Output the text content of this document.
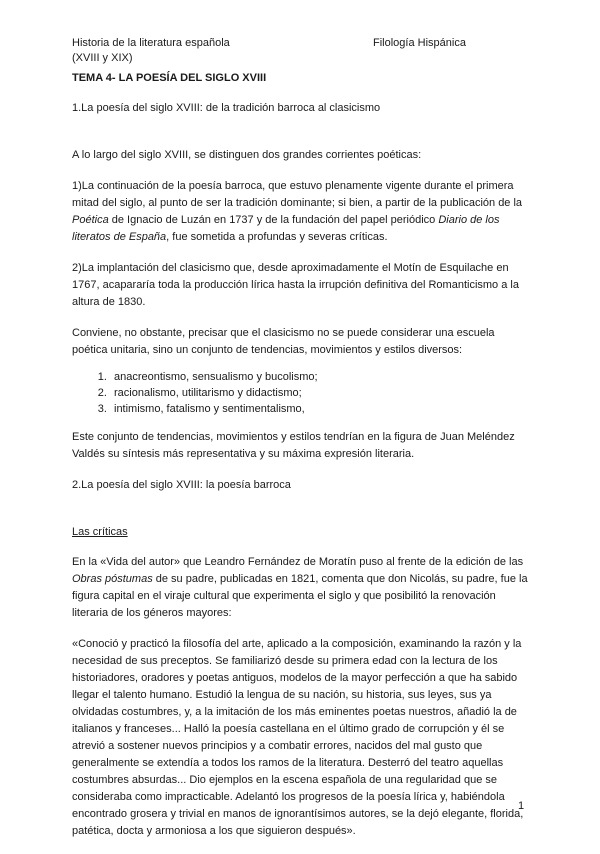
Historia de la literatura española
(XVIII y XIX)
Filología Hispánica

TEMA 4- LA POESÍA DEL SIGLO XVIII

1.La poesía del siglo XVIII: de la tradición barroca al clasicismo

A lo largo del siglo XVIII, se distinguen dos grandes corrientes poéticas:

1)La continuación de la poesía barroca, que estuvo plenamente vigente durante el primera mitad del siglo, al punto de ser la tradición dominante; si bien, a partir de la publicación de la Poética de Ignacio de Luzán en 1737 y de la fundación del papel periódico Diario de los literatos de España, fue sometida a profundas y severas críticas.

2)La implantación del clasicismo que, desde aproximadamente el Motín de Esquilache en 1767, acapararía toda la producción lírica hasta la irrupción definitiva del Romanticismo a la altura de 1830.

Conviene, no obstante, precisar que el clasicismo no se puede considerar una escuela poética unitaria, sino un conjunto de tendencias, movimientos y estilos diversos:

1. anacreontismo, sensualismo y bucolismo;
2. racionalismo, utilitarismo y didactismo;
3. intimismo, fatalismo y sentimentalismo,

Este conjunto de tendencias, movimientos y estilos tendrían en la figura de Juan Meléndez Valdés su síntesis más representativa y su máxima expresión literaria.

2.La poesía del siglo XVIII: la poesía barroca

Las críticas

En la «Vida del autor» que Leandro Fernández de Moratín puso al frente de la edición de las Obras póstumas de su padre, publicadas en 1821, comenta que don Nicolás, su padre, fue la figura capital en el viraje cultural que experimenta el siglo y que posibilitó la renovación literaria de los géneros mayores:

«Conoció y practicó la filosofía del arte, aplicado a la composición, examinando la razón y la necesidad de sus preceptos. Se familiarizó desde su primera edad con la lectura de los historiadores, oradores y poetas antiguos, modelos de la mayor perfección a que ha sabido llegar el talento humano. Estudió la lengua de su nación, su historia, sus leyes, sus ya olvidadas costumbres, y, a la imitación de los más eminentes poetas nuestros, añadió la de italianos y franceses... Halló la poesía castellana en el último grado de corrupción y él se atrevió a sostener nuevos principios y a combatir errores, nacidos del mal gusto que generalmente se extendía a todos los ramos de la literatura. Desterró del teatro aquellas costumbres absurdas... Dio ejemplos en la escena española de una regularidad que se consideraba como impracticable. Adelantó los progresos de la poesía lírica y, habiéndola encontrado grosera y trivial en manos de ignorantísimos autores, se la dejó elegante, florida, patética, docta y armoniosa a los que siguieron después».

1
